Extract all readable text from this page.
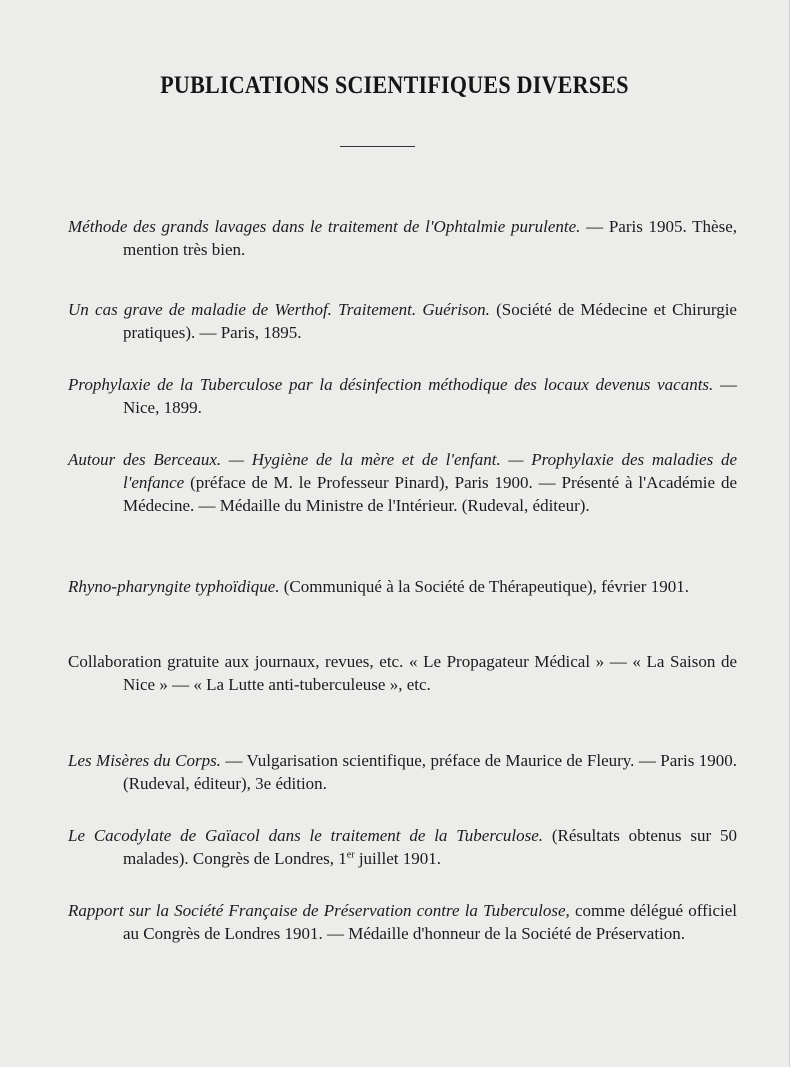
PUBLICATIONS SCIENTIFIQUES DIVERSES

Méthode des grands lavages dans le traitement de l'Ophtalmie purulente. — Paris 1905. Thèse, mention très bien.

Un cas grave de maladie de Werthof. Traitement. Guérison. (Société de Médecine et Chirurgie pratiques). — Paris, 1895.

Prophylaxie de la Tuberculose par la désinfection méthodique des locaux devenus vacants. — Nice, 1899.

Autour des Berceaux. — Hygiène de la mère et de l'enfant. — Prophylaxie des maladies de l'enfance (préface de M. le Professeur Pinard), Paris 1900. — Présenté à l'Académie de Médecine. — Médaille du Ministre de l'Intérieur. (Rudeval, éditeur).

Rhyno-pharyngite typhoïdique. (Communiqué à la Société de Thérapeutique), février 1901.

Collaboration gratuite aux journaux, revues, etc. « Le Propagateur Médical » — « La Saison de Nice » — « La Lutte anti-tuberculeuse », etc.

Les Misères du Corps. — Vulgarisation scientifique, préface de Maurice de Fleury. — Paris 1900. (Rudeval, éditeur), 3e édition.

Le Cacodylate de Gaïacol dans le traitement de la Tuberculose. (Résultats obtenus sur 50 malades). Congrès de Londres, 1er juillet 1901.

Rapport sur la Société Française de Préservation contre la Tuberculose, comme délégué officiel au Congrès de Londres 1901. — Médaille d'honneur de la Société de Préservation.
